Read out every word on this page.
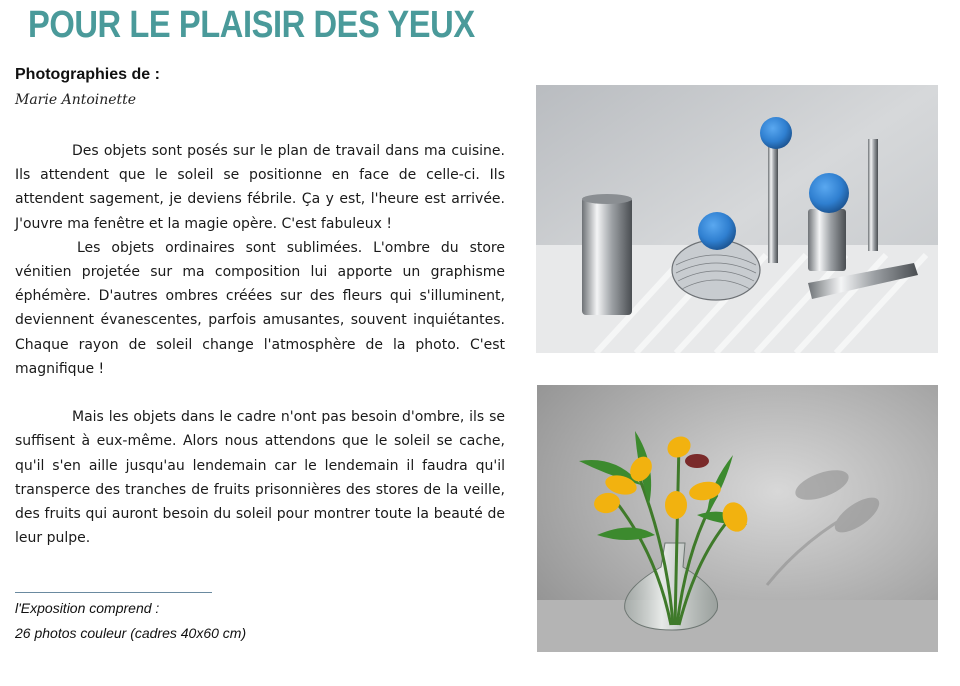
POUR LE PLAISIR DES YEUX
Photographies de :
Marie Antoinette

Des objets sont posés sur le plan de travail dans ma cuisine. Ils attendent que le soleil se positionne en face de celle-ci. Ils attendent sagement, je deviens fébrile. Ça y est, l'heure est arrivée. J'ouvre ma fenêtre et la magie opère. C'est fabuleux !

Les objets ordinaires sont sublimées. L'ombre du store vénitien projetée sur ma composition lui apporte un graphisme éphémère. D'autres ombres créées sur des fleurs qui s'illuminent, deviennent évanescentes, parfois amusantes, souvent inquiétantes. Chaque rayon de soleil change l'atmosphère de la photo. C'est magnifique !

Mais les objets dans le cadre n'ont pas besoin d'ombre, ils se suffisent à eux-même. Alors nous attendons que le soleil se cache, qu'il s'en aille jusqu'au lendemain car le lendemain il faudra qu'il transperce des tranches de fruits prisonnières des stores de la veille, des fruits qui auront besoin du soleil pour montrer toute la beauté de leur pulpe.

l'Exposition comprend :
26 photos couleur (cadres 40x60 cm)
